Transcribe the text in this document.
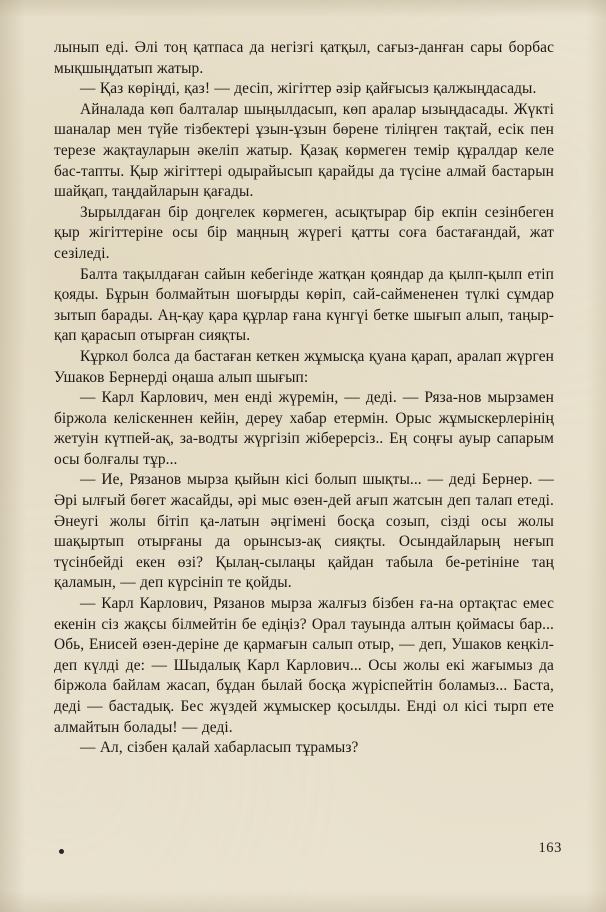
лынып еді. Әлі тоң қатпаса да негізгі қатқыл, сағыз-данған сары борбас мықшыңдатып жатыр.

— Қаз көріңді, қаз! — десіп, жігіттер әзір қайғысыз қалжыңдасады.

Айналада көп балталар шыңылдасып, көп аралар ызыңдасады. Жүкті шаналар мен түйе тізбектері ұзын-ұзын бөрене тіліңген тақтай, есік пен терезе жақтауларын әкеліп жатыр. Қазақ көрмеген темір құралдар келе бас-тапты. Қыр жігіттері одырайысып қарайды да түсіне алмай бастарын шайқап, таңдайларын қағады.

Зырылдаған бір доңгелек көрмеген, асықтырар бір екпін сезінбеген қыр жігіттеріне осы бір маңның жүрегі қатты соға бастағандай, жат сезіледі.

Балта тақылдаған сайын кебегінде жатқан қояндар да қылп-қылп етіп қояды. Бұрын болмайтын шоғырды көріп, сай-саймененен түлкі сұмдар зытып барады. Аң-қау қара құрлар ғана күнгүі бетке шығып алып, таңыр-қап қарасып отырған сияқты.

Кұркол болса да бастаған кеткен жұмысқа қуана қарап, аралап жүрген Ушаков Бернерді оңаша алып шығып:

— Карл Карлович, мен енді жүремін, — деді. — Ряза-нов мырзамен біржола келіскеннен кейін, дереу хабар етермін. Орыс жұмыскерлерінің жетуін күтпей-ақ, за-водты жүргізіп жіберерсіз.. Ең соңғы ауыр сапарым осы болғалы тұр...

— Ие, Рязанов мырза қыйын кісі болып шықты... — деді Бернер. — Әрі ылғый бөгет жасайды, әрі мыс өзен-дей ағып жатсын деп талап етеді. Әнеугі жолы бітіп қа-латын әңгімені босқа созып, сізді осы жолы шақыртып отырғаны да орынсыз-ақ сияқты. Осындайларың неғып түсінбейді екен өзі? Қылаң-сылаңы қайдан табыла бе-ретініне таң қаламын, — деп күрсініп те қойды.

— Карл Карлович, Рязанов мырза жалғыз бізбен ға-на ортақтас емес екенін сіз жақсы білмейтін бе едіңіз? Орал тауында алтын қоймасы бар... Обь, Енисей өзен-деріне де қармағын салып отыр, — деп, Ушаков кеңкіл-деп күлді де: — Шыдалық Карл Карлович... Осы жолы екі жағымыз да біржола байлам жасап, бұдан былай босқа жүріспейтін боламыз... Баста, деді — бастадық. Бес жүздей жұмыскер қосылды. Енді ол кісі тырп ете алмайтын болады! — деді.

— Ал, сізбен қалай хабарласып тұрамыз?

163
